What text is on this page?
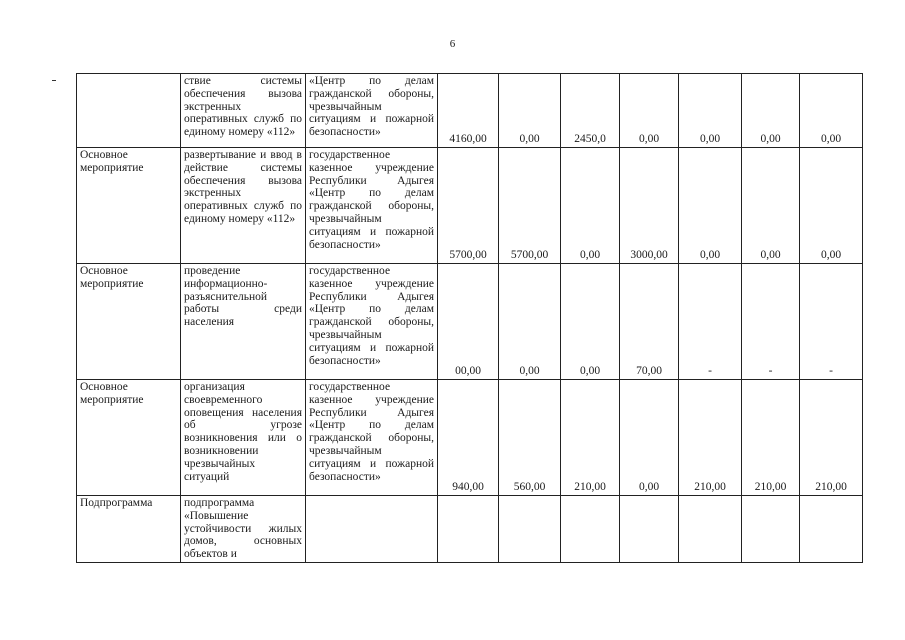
6
	ствие системы обеспечения вызова экстренных оперативных служб по единому номеру «112»	«Центр по делам гражданской обороны, чрезвычайным ситуациям и пожарной безопасности»	4160,00	0,00	2450,0	0,00	0,00	0,00	0,00
Основное мероприятие	развертывание и ввод в действие системы обеспечения вызова экстренных оперативных служб по единому номеру «112»	государственное казенное учреждение Республики Адыгея «Центр по делам гражданской обороны, чрезвычайным ситуациям и пожарной безопасности»	5700,00	5700,00	0,00	3000,00	0,00	0,00	0,00
Основное мероприятие	проведение информационно-разъяснительной работы среди населения	государственное казенное учреждение Республики Адыгея «Центр по делам гражданской обороны, чрезвычайным ситуациям и пожарной безопасности»	00,00	0,00	0,00	70,00	-	-	-
Основное мероприятие	организация своевременного оповещения населения об угрозе возникновения или о возникновении чрезвычайных ситуаций	государственное казенное учреждение Республики Адыгея «Центр по делам гражданской обороны, чрезвычайным ситуациям и пожарной безопасности»	940,00	560,00	210,00	0,00	210,00	210,00	210,00
Подпрограмма	подпрограмма «Повышение устойчивости жилых домов, основных объектов и								
